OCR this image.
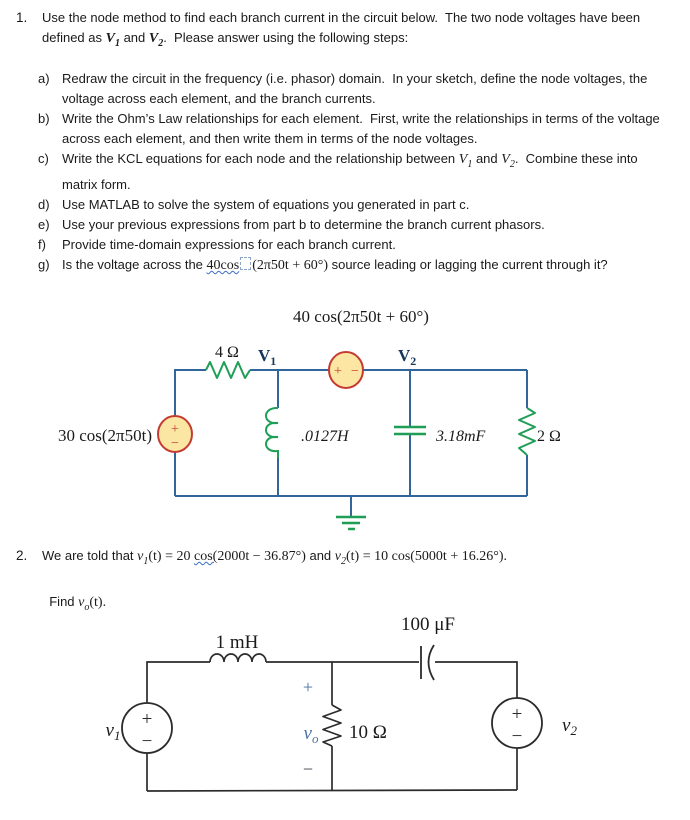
1.	Use the node method to find each branch current in the circuit below.  The two node voltages have been defined as $V_1$ and $V_2$.  Please answer using the following steps:
a) Redraw the circuit in the frequency (i.e. phasor) domain.  In your sketch, define the node voltages, the voltage across each element, and the branch currents.
b) Write the Ohm’s Law relationships for each element.  First, write the relationships in terms of the voltage across each element, and then write them in terms of the node voltages.
c)	Write the KCL equations for each node and the relationship between $V_1$ and $V_2$.  Combine these into matrix form.
d) Use MATLAB to solve the system of equations you generated in part c.
e) Use your previous expressions from part b to determine the branch current phasors.
f)	Provide time-domain expressions for each branch current.
g) Is the voltage across the 40cos (2π50t + 60°) source leading or lagging the current through it?
+ −
+
−
40 cos(2π50t + 60°)
30 cos(2π50t)
4 Ω $V_1$	$V_2$
.0127H	3.18mF	2 Ω
2.	We are told that $v_1(t) = 20$ cos(2000t − 36.87°) and $v_2(t) = 10$ cos(5000t + 16.26°).

Find $v_o(t)$.
+
−
+
−
1 mH
100 μF
$v_1$	$v_2$
+
$v_o$
−
10 Ω
